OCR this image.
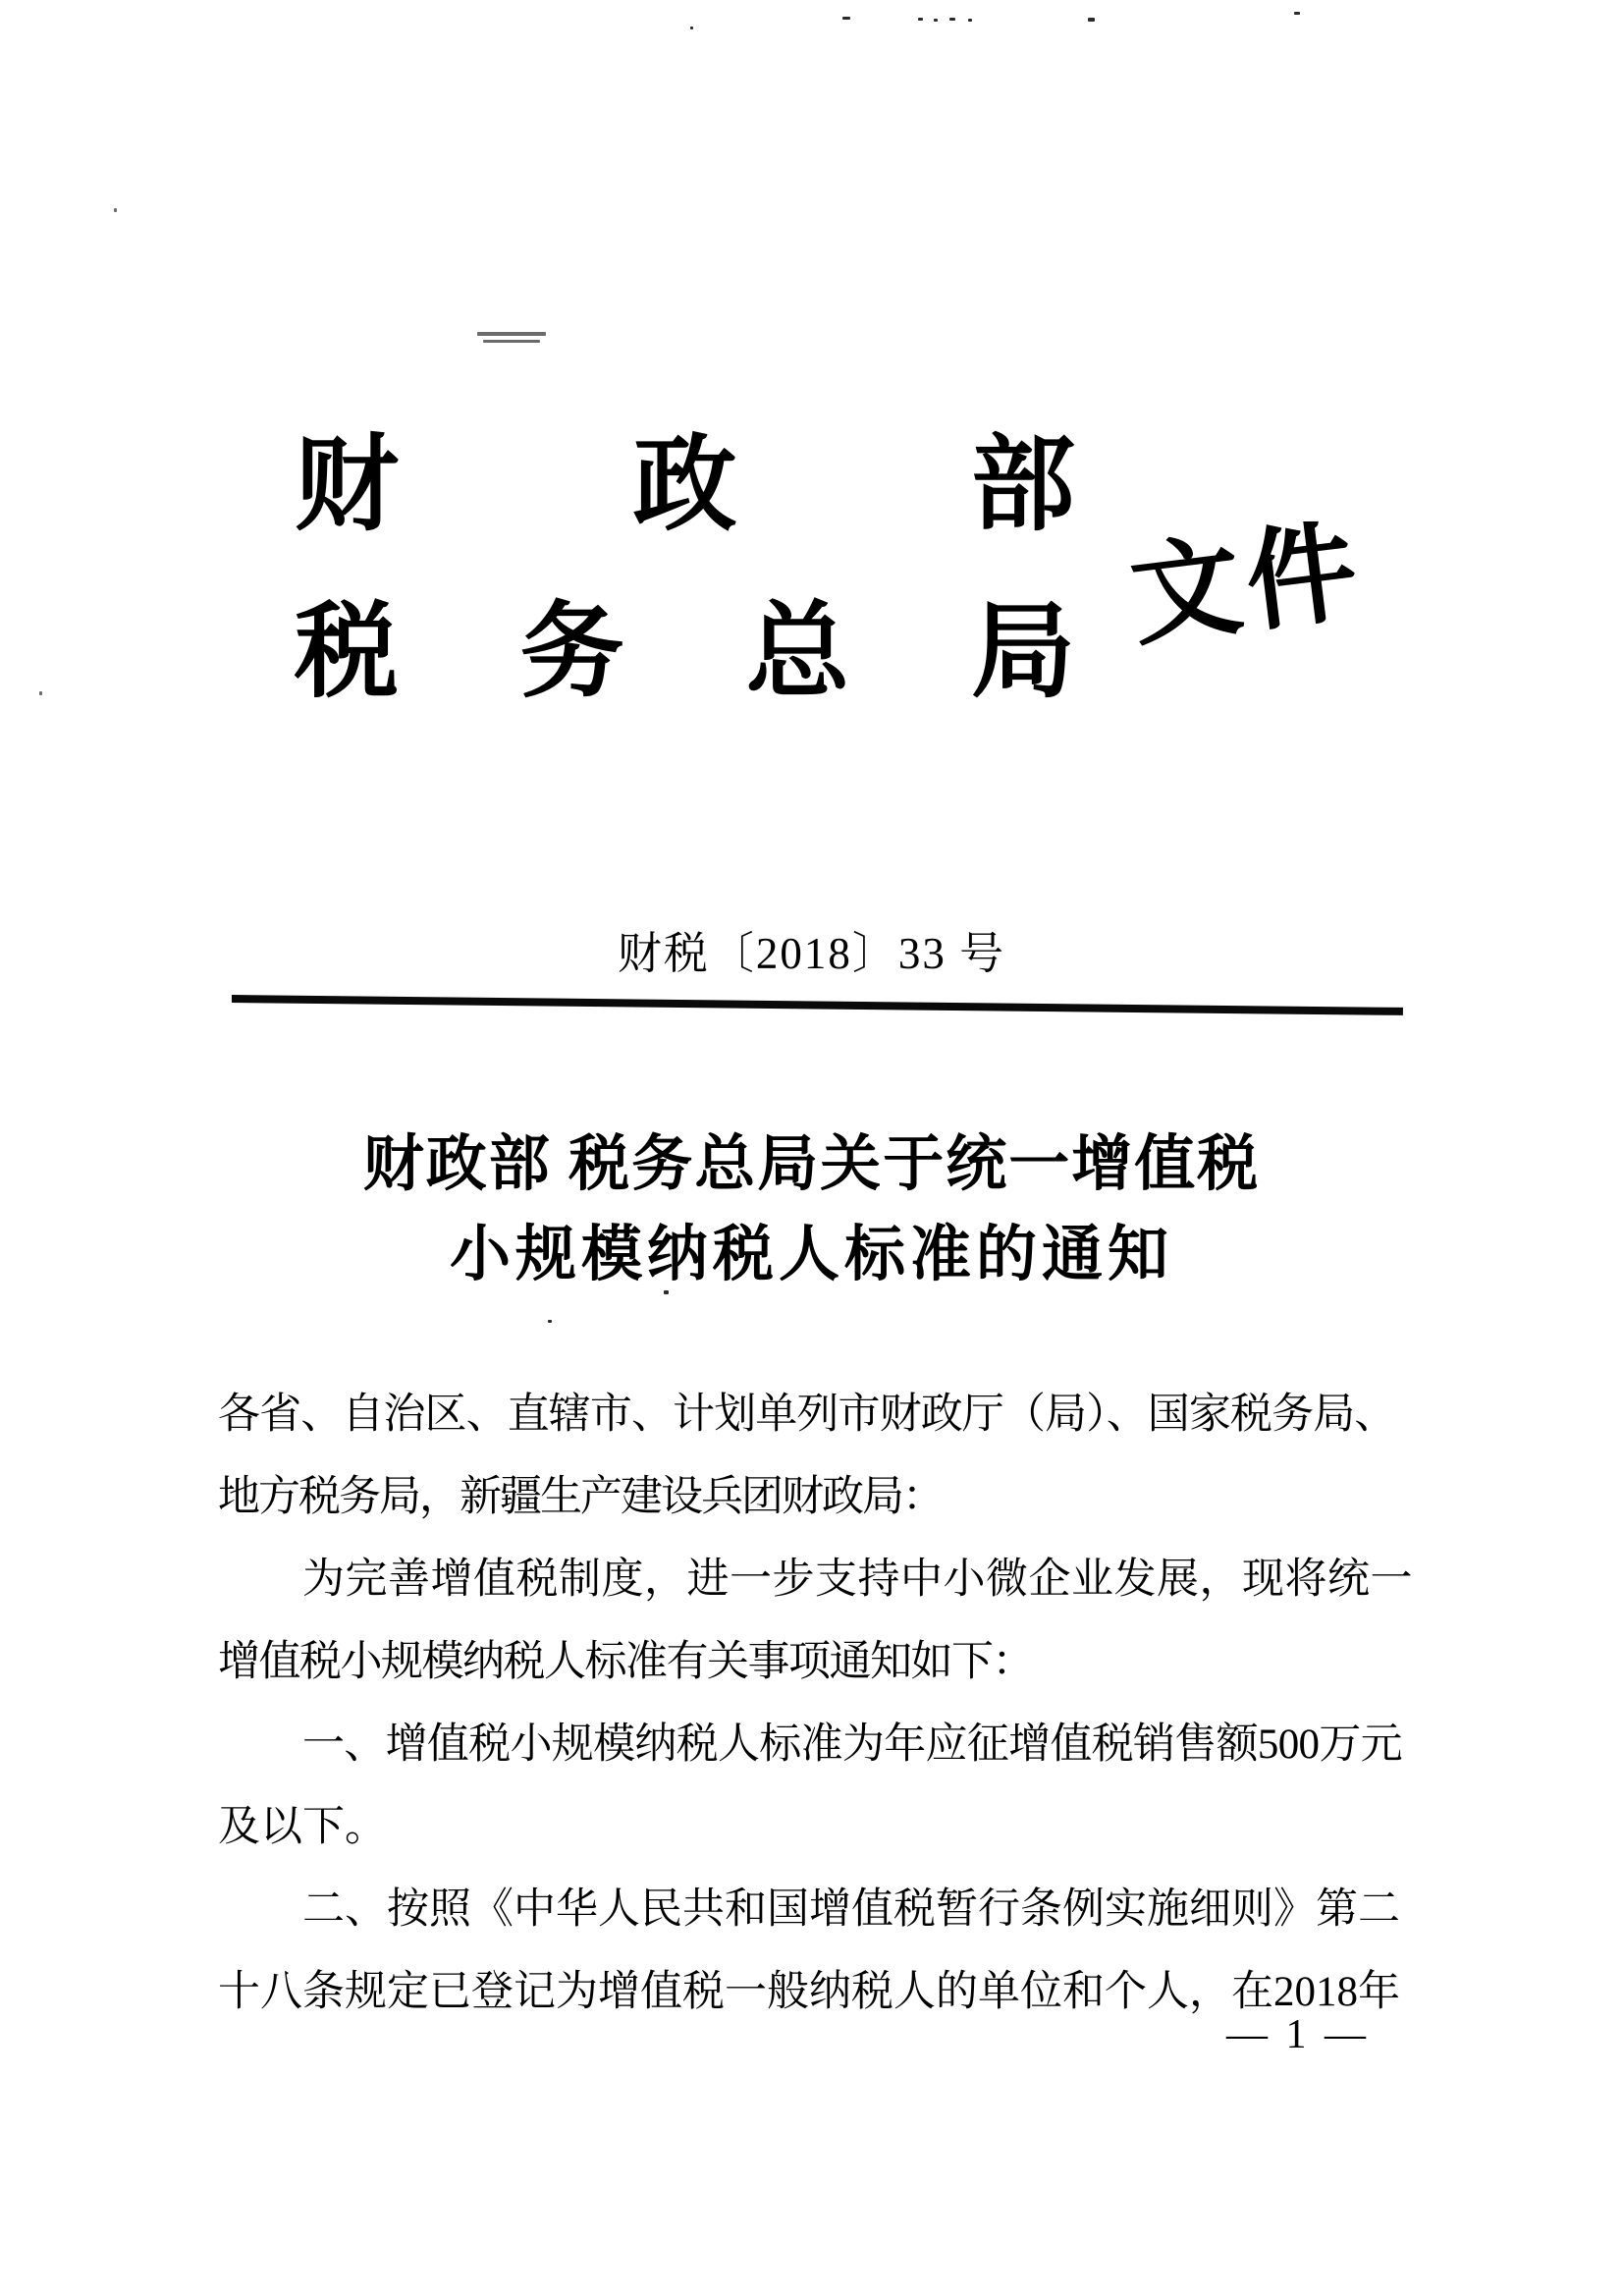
财政部
税务总局 文件
财税〔2018〕33 号
财政部 税务总局关于统一增值税
小规模纳税人标准的通知
各省、自治区、直辖市、计划单列市财政厅（局）、国家税务局、
地方税务局，新疆生产建设兵团财政局：
为完善增值税制度，进一步支持中小微企业发展，现将统一
增值税小规模纳税人标准有关事项通知如下：
一、增值税小规模纳税人标准为年应征增值税销售额500万元
及以下。
二、按照《中华人民共和国增值税暂行条例实施细则》第二
十八条规定已登记为增值税一般纳税人的单位和个人，在2018年
— 1 —
